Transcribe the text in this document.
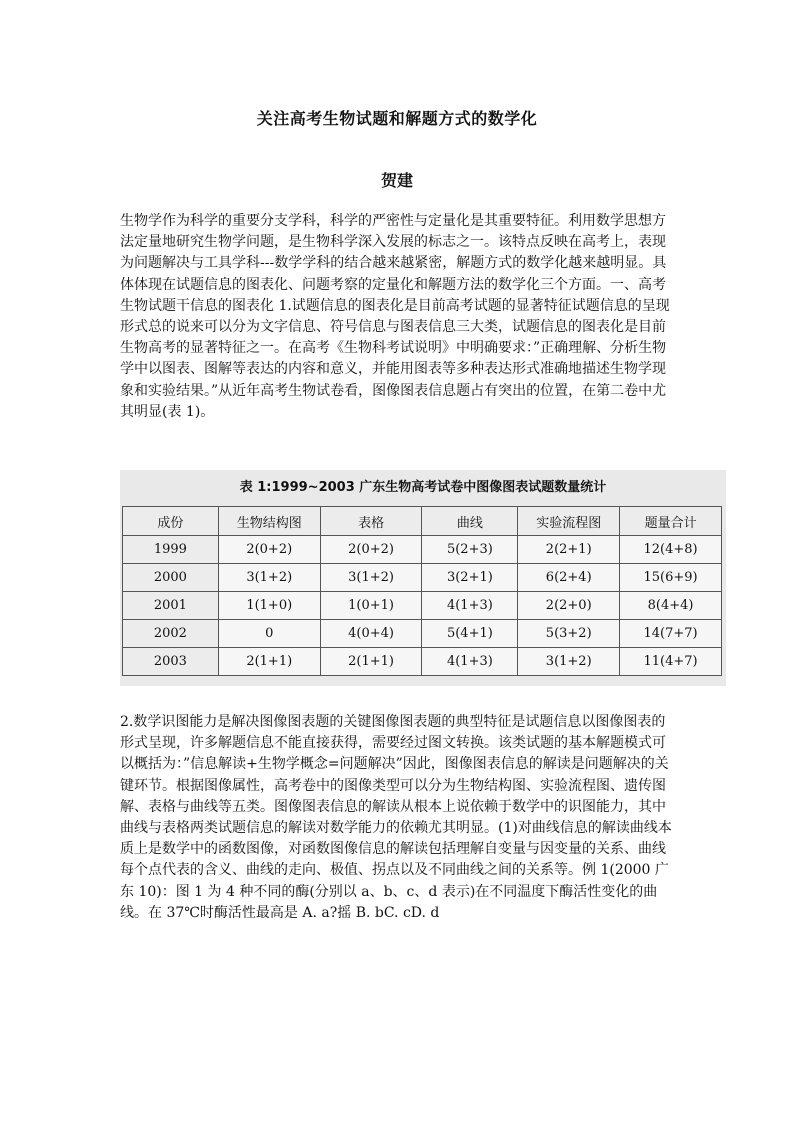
关注高考生物试题和解题方式的数学化
贺建

生物学作为科学的重要分支学科，科学的严密性与定量化是其重要特征。利用数学思想方法定量地研究生物学问题，是生物科学深入发展的标志之一。该特点反映在高考上，表现为问题解决与工具学科---数学学科的结合越来越紧密，解题方式的数学化越来越明显。具体体现在试题信息的图表化、问题考察的定量化和解题方法的数学化三个方面。一、高考生物试题干信息的图表化 1.试题信息的图表化是目前高考试题的显著特征试题信息的呈现形式总的说来可以分为文字信息、符号信息与图表信息三大类，试题信息的图表化是目前生物高考的显著特征之一。在高考《生物科考试说明》中明确要求：”正确理解、分析生物学中以图表、图解等表达的内容和意义，并能用图表等多种表达形式准确地描述生物学现象和实验结果。”从近年高考生物试卷看，图像图表信息题占有突出的位置，在第二卷中尤其明显(表 1)。

表 1:1999~2003 广东生物高考试卷中图像图表试题数量统计
成份	生物结构图	表格	曲线	实验流程图	题量合计
1999	2(0+2)	2(0+2)	5(2+3)	2(2+1)	12(4+8)
2000	3(1+2)	3(1+2)	3(2+1)	6(2+4)	15(6+9)
2001	1(1+0)	1(0+1)	4(1+3)	2(2+0)	8(4+4)
2002	0	4(0+4)	5(4+1)	5(3+2)	14(7+7)
2003	2(1+1)	2(1+1)	4(1+3)	3(1+2)	11(4+7)

2.数学识图能力是解决图像图表题的关键图像图表题的典型特征是试题信息以图像图表的形式呈现，许多解题信息不能直接获得，需要经过图文转换。该类试题的基本解题模式可以概括为：”信息解读+生物学概念=问题解决”因此，图像图表信息的解读是问题解决的关键环节。根据图像属性，高考卷中的图像类型可以分为生物结构图、实验流程图、遗传图解、表格与曲线等五类。图像图表信息的解读从根本上说依赖于数学中的识图能力，其中曲线与表格两类试题信息的解读对数学能力的依赖尤其明显。(1)对曲线信息的解读曲线本质上是数学中的函数图像，对函数图像信息的解读包括理解自变量与因变量的关系、曲线每个点代表的含义、曲线的走向、极值、拐点以及不同曲线之间的关系等。例 1(2000 广东 10)：图 1 为 4 种不同的酶(分别以 a、b、c、d 表示)在不同温度下酶活性变化的曲线。在 37℃时酶活性最高是 A. a?摇 B. bC. cD. d
